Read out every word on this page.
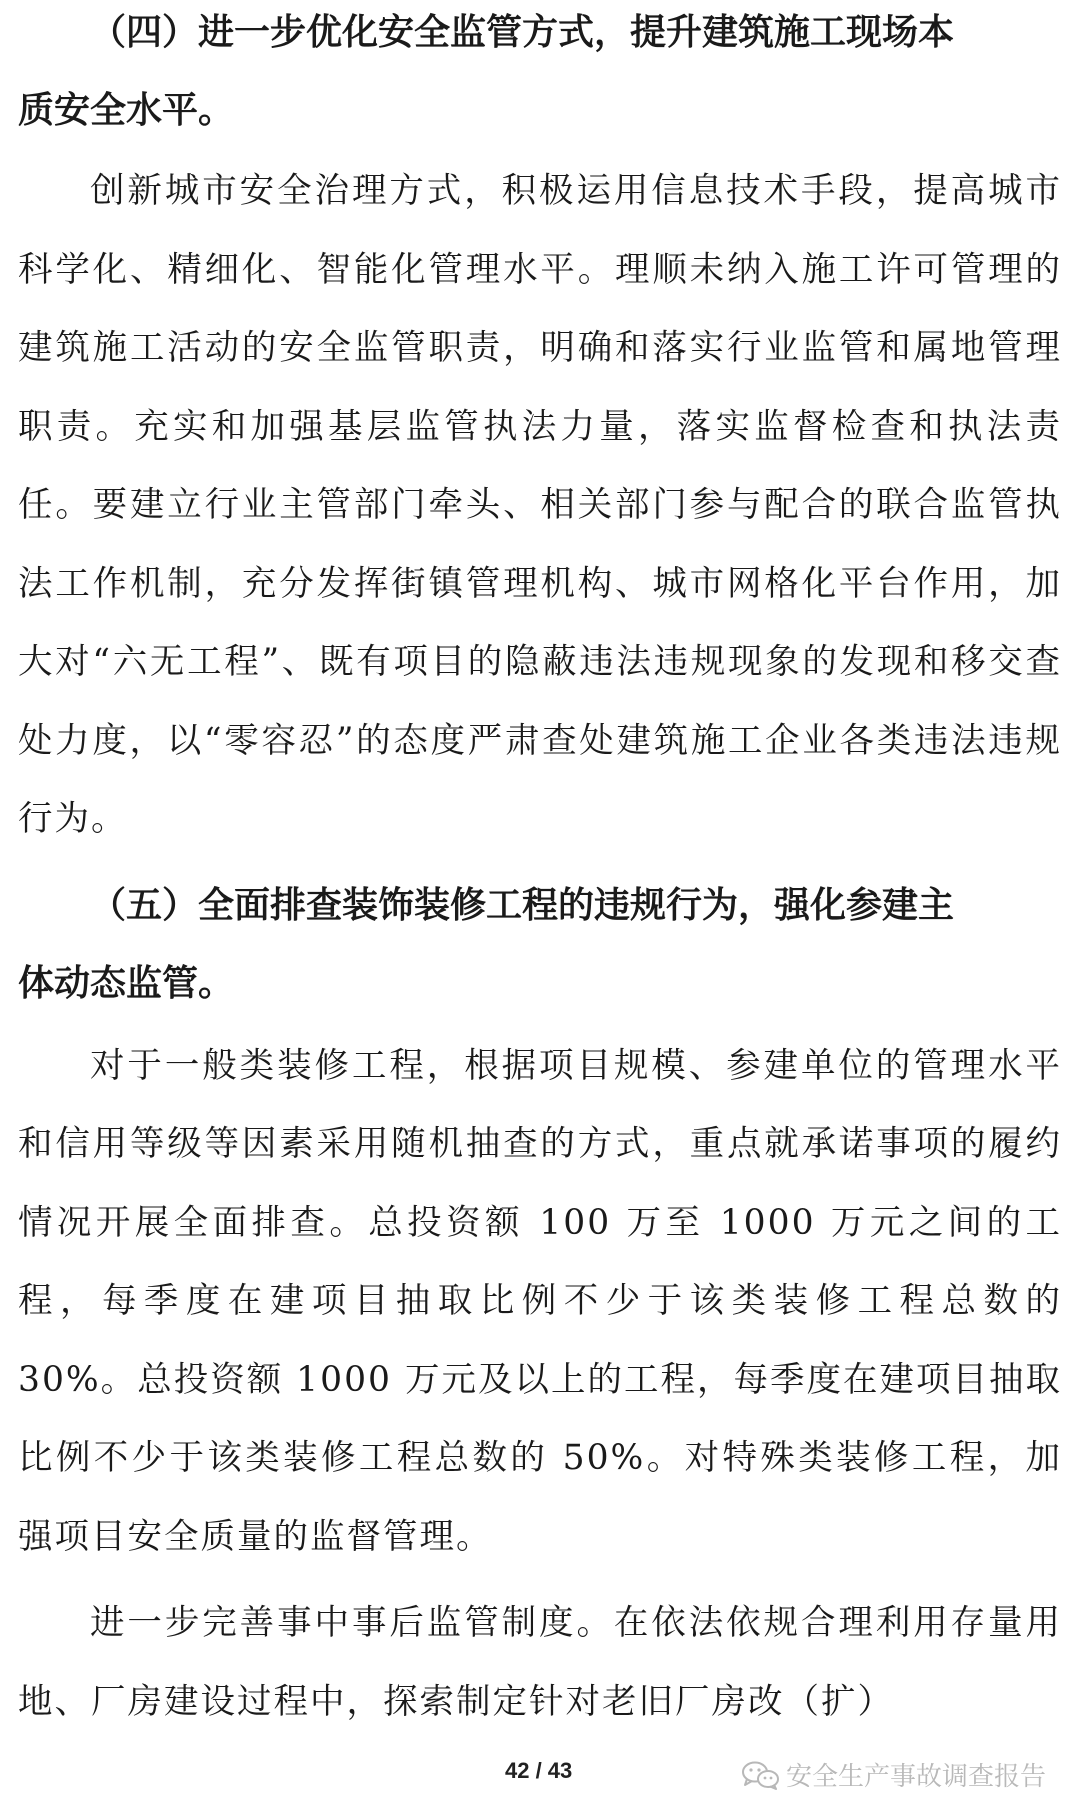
（四）进一步优化安全监管方式，提升建筑施工现场本
质安全水平。

创新城市安全治理方式，积极运用信息技术手段，提高城市科学化、精细化、智能化管理水平。理顺未纳入施工许可管理的建筑施工活动的安全监管职责，明确和落实行业监管和属地管理职责。充实和加强基层监管执法力量，落实监督检查和执法责任。要建立行业主管部门牵头、相关部门参与配合的联合监管执法工作机制，充分发挥街镇管理机构、城市网格化平台作用，加大对“六无工程”、既有项目的隐蔽违法违规现象的发现和移交查处力度，以“零容忍”的态度严肃查处建筑施工企业各类违法违规行为。

（五）全面排查装饰装修工程的违规行为，强化参建主
体动态监管。

对于一般类装修工程，根据项目规模、参建单位的管理水平和信用等级等因素采用随机抽查的方式，重点就承诺事项的履约情况开展全面排查。总投资额 100 万至 1000 万元之间的工程，每季度在建项目抽取比例不少于该类装修工程总数的 30%。总投资额 1000 万元及以上的工程，每季度在建项目抽取比例不少于该类装修工程总数的 50%。对特殊类装修工程，加强项目安全质量的监督管理。

进一步完善事中事后监管制度。在依法依规合理利用存量用地、厂房建设过程中，探索制定针对老旧厂房改（扩）

42 / 43	安全生产事故调查报告
